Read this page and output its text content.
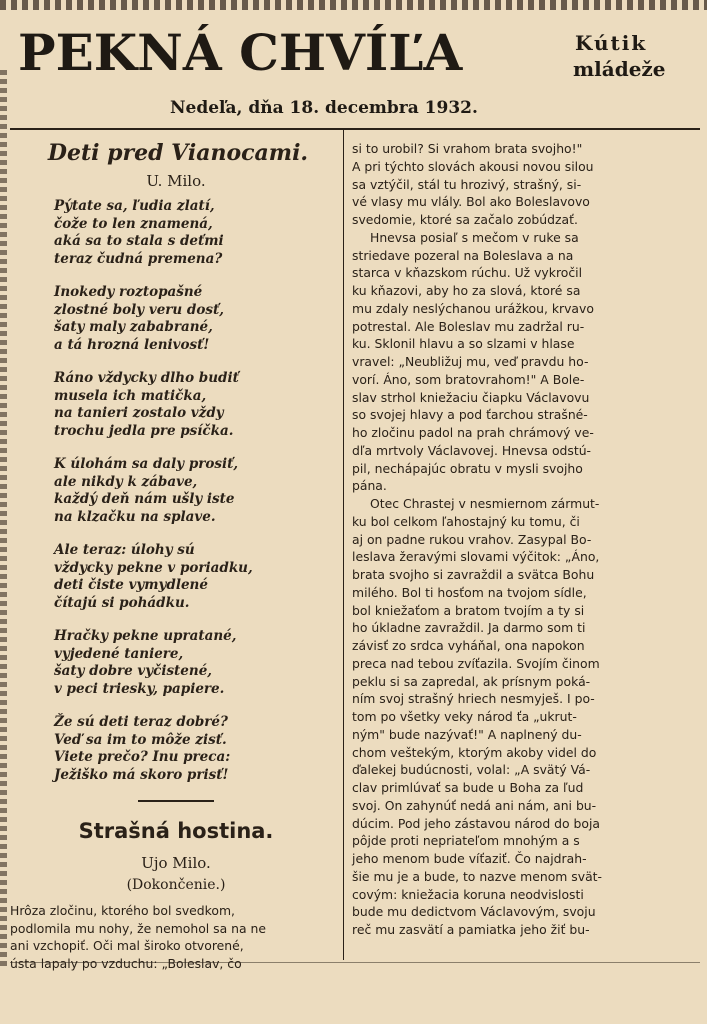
PEKNÁ CHVÍĽA	Kútik
mládeže
Nedeľa, dňa 18. decembra 1932.
Deti pred Vianocami.
U. Milo.
Pýtate sa, ľudia zlatí,
čože to len znamená,
aká sa to stala s deťmi
teraz čudná premena?
Inokedy roztopašné
zlostné boly veru dosť,
šaty maly zababrané,
a tá hrozná lenivosť!
Ráno vždycky dlho budiť
musela ich matička,
na tanieri zostalo vždy
trochu jedla pre psíčka.
K úlohám sa daly prosiť,
ale nikdy k zábave,
každý deň nám ušly iste
na klzačku na splave.
Ale teraz: úlohy sú
vždycky pekne v poriadku,
deti čiste vymydlené
čítajú si pohádku.
Hračky pekne upratané,
vyjedené taniere,
šaty dobre vyčistené,
v peci triesky, papiere.
Že sú deti teraz dobré?
Veď sa im to môže zisť.
Viete prečo? Inu preca:
Ježiško má skoro prisť!
Strašná hostina.
Ujo Milo.
(Dokončenie.)
Hrôza zločinu, ktorého bol svedkom,
podlomila mu nohy, že nemohol sa na ne
ani vzchopiť. Oči mal široko otvorené,
ústa lapaly po vzduchu: „Boleslav, čo
si to urobil? Si vrahom brata svojho!"
A pri týchto slovách akousi novou silou
sa vztýčil, stál tu hrozivý, strašný, si-
vé vlasy mu vlály. Bol ako Boleslavovo
svedomie, ktoré sa začalo zobúdzať.
Hnevsa posiaľ s mečom v ruke sa
striedave pozeral na Boleslava a na
starca v kňazskom rúchu. Už vykročil
ku kňazovi, aby ho za slová, ktoré sa
mu zdaly neslýchanou urážkou, krvavo
potrestal. Ale Boleslav mu zadržal ru-
ku. Sklonil hlavu a so slzami v hlase
vravel: „Neubližuj mu, veď pravdu ho-
vorí. Áno, som bratovrahom!" A Bole-
slav strhol kniežaciu čiapku Václavovu
so svojej hlavy a pod ťarchou strašné-
ho zločinu padol na prah chrámový ve-
dľa mrtvoly Václavovej. Hnevsa odstú-
pil, nechápajúc obratu v mysli svojho
pána.
Otec Chrastej v nesmiernom zármut-
ku bol celkom ľahostajný ku tomu, či
aj on padne rukou vrahov. Zasypal Bo-
leslava žeravými slovami výčitok: „Áno,
brata svojho si zavraždil a svätca Bohu
milého. Bol ti hosťom na tvojom sídle,
bol kniežaťom a bratom tvojím a ty si
ho úkladne zavraždil. Ja darmo som ti
závisť zo srdca vyháňal, ona napokon
preca nad tebou zvíťazila. Svojím činom
peklu si sa zapredal, ak prísnym poká-
ním svoj strašný hriech nesmyješ. I po-
tom po všetky veky národ ťa „ukrut-
ným" bude nazývať!" A naplnený du-
chom veštekým, ktorým akoby videl do
ďalekej budúcnosti, volal: „A svätý Vá-
clav primlúvať sa bude u Boha za ľud
svoj. On zahynúť nedá ani nám, ani bu-
dúcim. Pod jeho zástavou národ do boja
pôjde proti nepriateľom mnohým a s
jeho menom bude víťaziť. Čo najdrah-
šie mu je a bude, to nazve menom svät-
covým: kniežacia koruna neodvislosti
bude mu dedictvom Václavovým, svoju
reč mu zasvätí a pamiatka jeho žiť bu-
